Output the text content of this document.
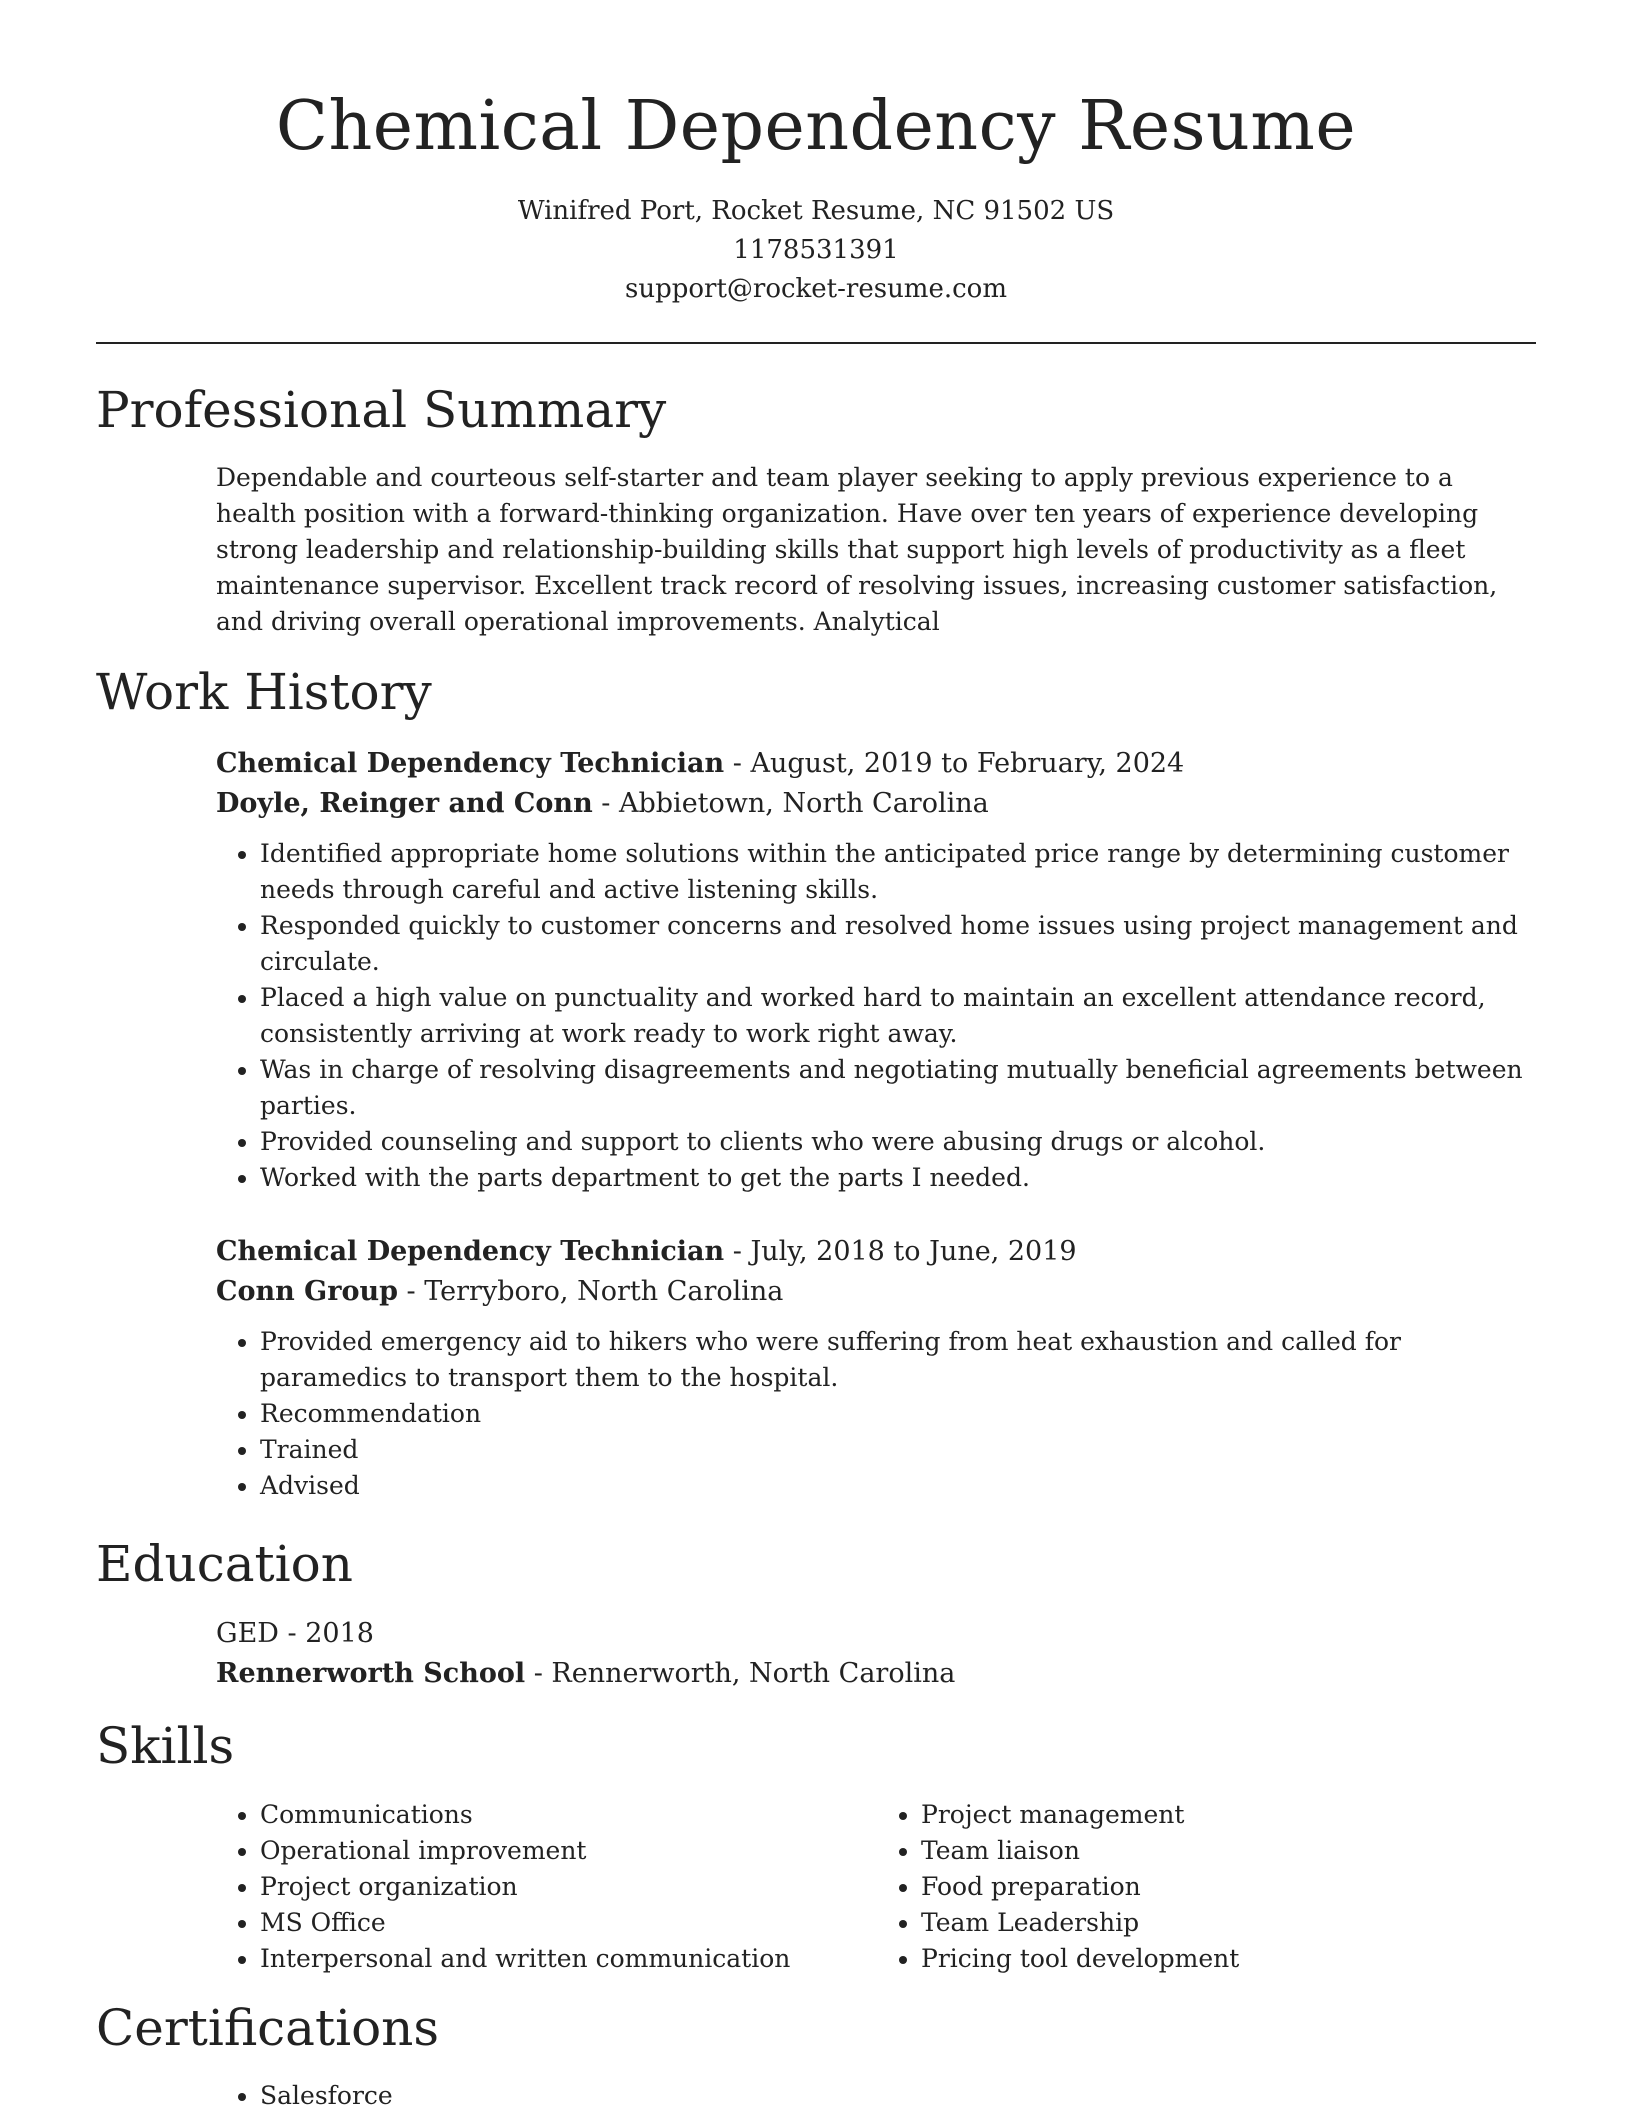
Chemical Dependency Resume
Winifred Port, Rocket Resume, NC 91502 US
1178531391
support@rocket-resume.com
Professional Summary

Dependable and courteous self-starter and team player seeking to apply previous experience to a health position with a forward-thinking organization. Have over ten years of experience developing strong leadership and relationship-building skills that support high levels of productivity as a fleet maintenance supervisor. Excellent track record of resolving issues, increasing customer satisfaction, and driving overall operational improvements. Analytical

Work History
Chemical Dependency Technician - August, 2019 to February, 2024
Doyle, Reinger and Conn - Abbietown, North Carolina
• Identified appropriate home solutions within the anticipated price range by determining customer needs through careful and active listening skills.
• Responded quickly to customer concerns and resolved home issues using project management and circulate.
• Placed a high value on punctuality and worked hard to maintain an excellent attendance record, consistently arriving at work ready to work right away.
• Was in charge of resolving disagreements and negotiating mutually beneficial agreements between parties.
• Provided counseling and support to clients who were abusing drugs or alcohol.
• Worked with the parts department to get the parts I needed.
Chemical Dependency Technician - July, 2018 to June, 2019
Conn Group - Terryboro, North Carolina
• Provided emergency aid to hikers who were suffering from heat exhaustion and called for paramedics to transport them to the hospital.
• Recommendation
• Trained
• Advised
Education
GED - 2018
Rennerworth School - Rennerworth, North Carolina
Skills
• Communications
• Operational improvement
• Project organization
• MS Office
• Interpersonal and written communication
• Project management
• Team liaison
• Food preparation
• Team Leadership
• Pricing tool development
Certifications
• Salesforce
